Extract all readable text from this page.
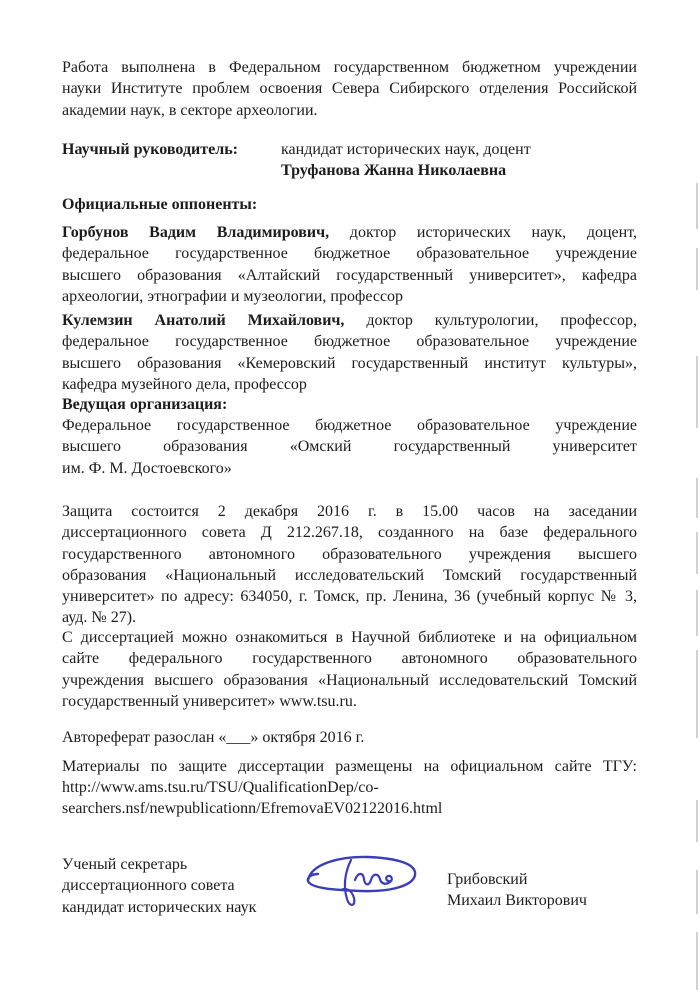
Работа выполнена в Федеральном государственном бюджетном учреждении
науки Институте проблем освоения Севера Сибирского отделения Российской
академии наук, в секторе археологии.
Научный руководитель:	кандидат исторических наук, доцент
Труфанова Жанна Николаевна
Официальные оппоненты:
Горбунов Вадим Владимирович, доктор исторических наук, доцент,
федеральное государственное бюджетное образовательное учреждение
высшего образования «Алтайский государственный университет», кафедра
археологии, этнографии и музеологии, профессор
Кулемзин Анатолий Михайлович, доктор культурологии, профессор,
федеральное государственное бюджетное образовательное учреждение
высшего образования «Кемеровский государственный институт культуры»,
кафедра музейного дела, профессор
Ведущая организация:
Федеральное государственное бюджетное образовательное учреждение
высшего образования «Омский государственный университет
им. Ф. М. Достоевского»
Защита состоится 2 декабря 2016 г. в 15.00 часов на заседании
диссертационного совета Д 212.267.18, созданного на базе федерального
государственного автономного образовательного учреждения высшего
образования «Национальный исследовательский Томский государственный
университет» по адресу: 634050, г. Томск, пр. Ленина, 36 (учебный корпус № 3,
ауд. № 27).
С диссертацией можно ознакомиться в Научной библиотеке и на официальном
сайте федерального государственного автономного образовательного
учреждения высшего образования «Национальный исследовательский Томский
государственный университет» www.tsu.ru.
Автореферат разослан «___» октября 2016 г.
Материалы по защите диссертации размещены на официальном сайте ТГУ:
http://www.ams.tsu.ru/TSU/QualificationDep/co-
searchers.nsf/newpublicationn/EfremovaEV02122016.html
Ученый секретарь
диссертационного совета
кандидат исторических наук
Грибовский
Михаил Викторович
